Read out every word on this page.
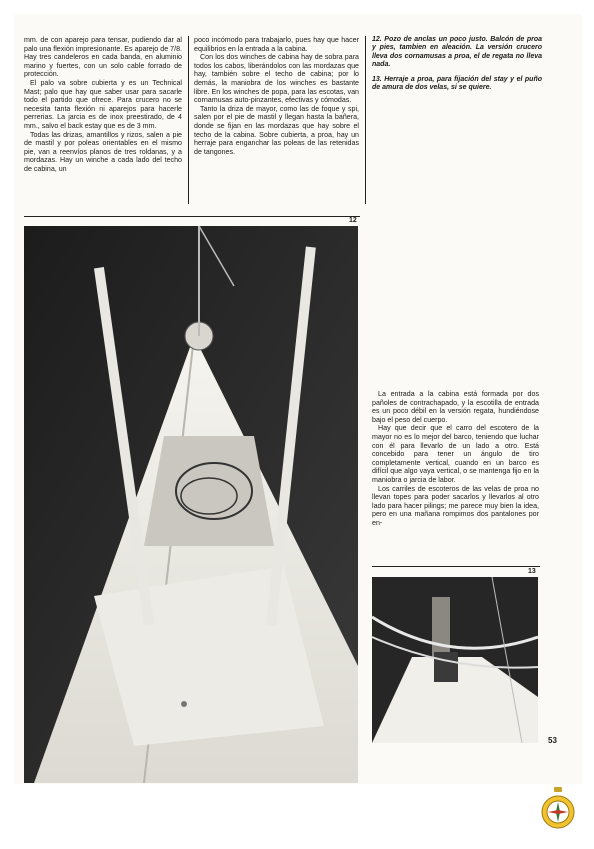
mm. de con aparejo para tensar, pudiendo dar al palo una flexión impresionante. Es aparejo de 7/8. Hay tres candeleros en cada banda, en aluminio marino y fuertes, con un solo cable forrado de protección.

El palo va sobre cubierta y es un Technical Mast; palo que hay que saber usar para sacarle todo el partido que ofrece. Para crucero no se necesita tanta flexión ni aparejos para hacerle perrerias. La jarcia es de inox preestirado, de 4 mm., salvo el back estay que es de 3 mm.

Todas las drizas, amantillos y rizos, salen a pie de mastil y por poleas orientables en el mismo pie, van a reenvíos planos de tres roldanas, y a mordazas. Hay un winche a cada lado del techo de cabina, un

poco incómodo para trabajarlo, pues hay que hacer equilibrios en la entrada a la cabina.

Con los dos winches de cabina hay de sobra para todos los cabos, liberándolos con las mordazas que hay, también sobre el techo de cabina; por lo demás, la maniobra de los winches es bastante libre. En los winches de popa, para las escotas, van cornamusas auto-pinzantes, efectivas y cómodas.

Tanto la driza de mayor, como las de foque y spi, salen por el pie de mastil y llegan hasta la bañera, donde se fijan en las mordazas que hay sobre el techo de la cabina. Sobre cubierta, a proa, hay un herraje para enganchar las poleas de las retenidas de tangones.

12. Pozo de anclas un poco justo. Balcón de proa y pies, tambien en aleación. La versión crucero lleva dos cornamusas a proa, el de regata no lleva nada.

13. Herraje a proa, para fijación del stay y el puño de amura de dos velas, si se quiere.

12

La entrada a la cabina está formada por dos pañoles de contrachapado, y la escotilla de entrada es un poco débil en la versión regata, hundiéndose bajo el peso del cuerpo.

Hay que decir que el carro del escotero de la mayor no es lo mejor del barco, teniendo que luchar con él para llevarlo de un lado a otro. Está concebido para tener un ángulo de tiro completamente vertical, cuando en un barco es difícil que algo vaya vertical, o se mantenga fijo en la maniobra o jarcia de labor.

Los carriles de escoteros de las velas de proa no llevan topes para poder sacarlos y llevarlos al otro lado para hacer pilings; me parece muy bien la idea, pero en una mañana rompimos dos pantalones por en-

13
53
